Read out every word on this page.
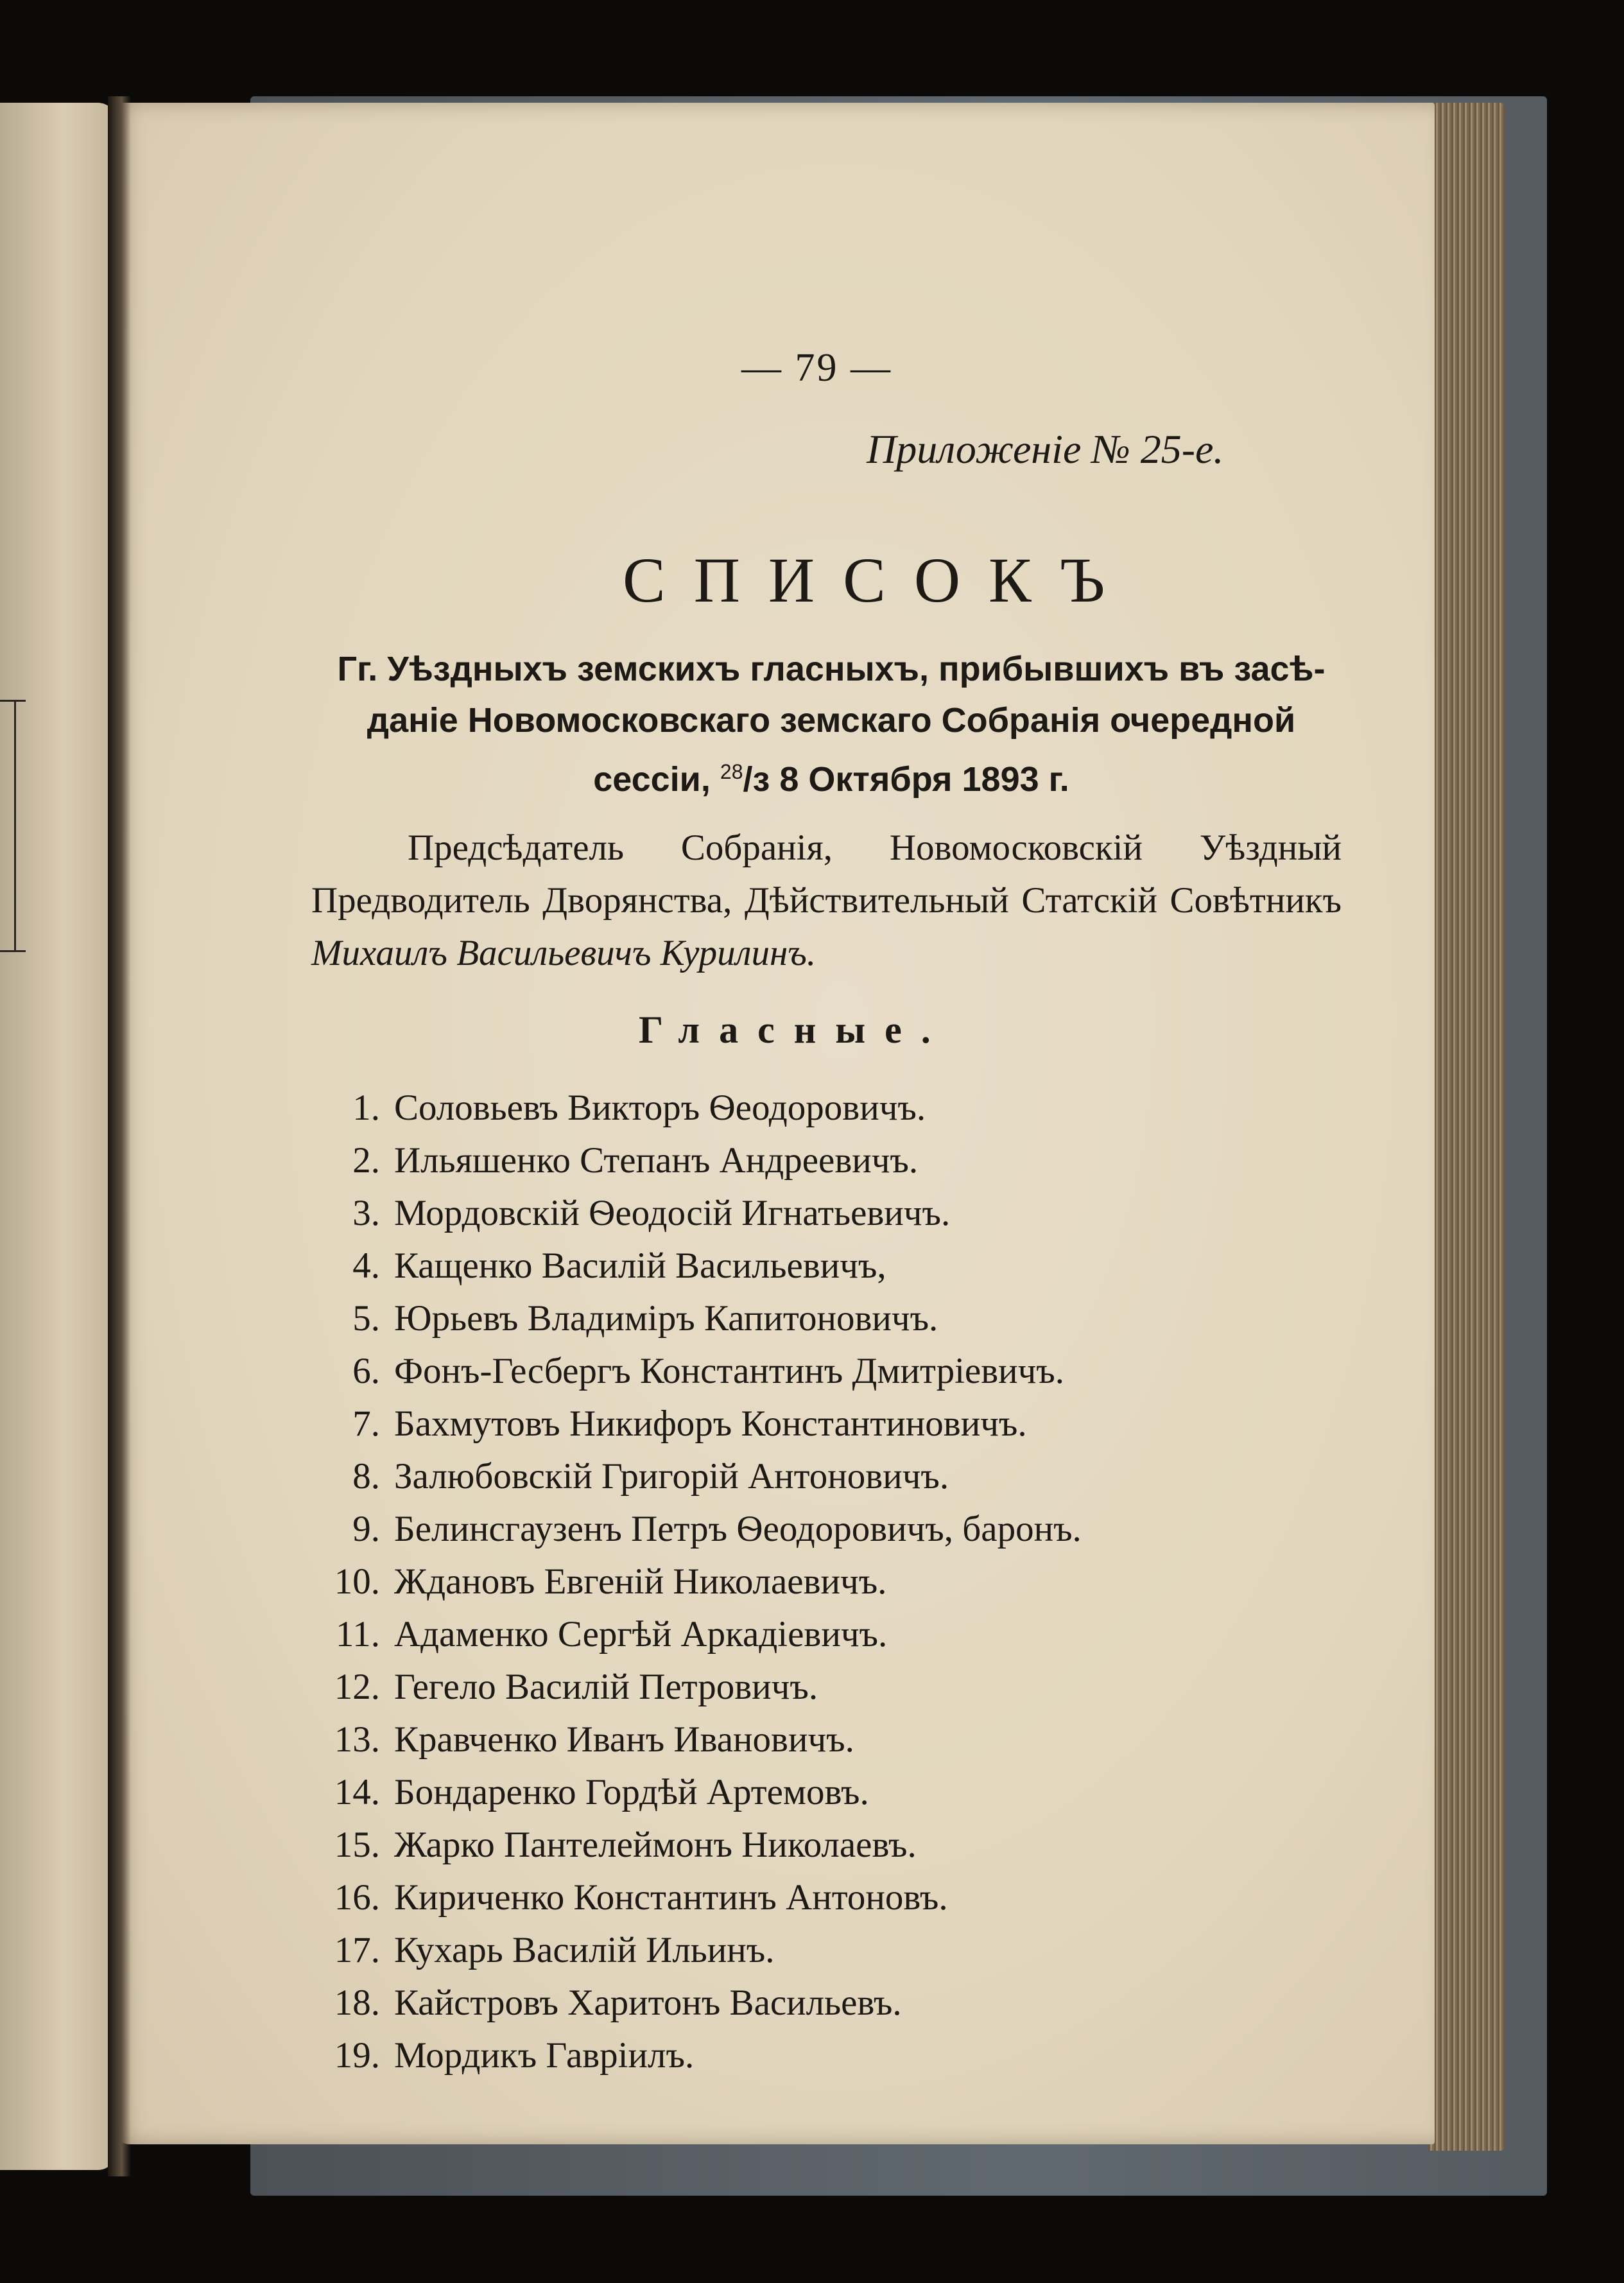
— 79 —
Приложеніе № 25-е.
СПИСОКЪ
Гг. Уѣздныхъ земскихъ гласныхъ, прибывшихъ въ засѣ-
даніе Новомосковскаго земскаго Собранія очередной
сессіи, $^{28}$/з 8 Октября 1893 г.
Предсѣдатель Собранія, Новомосковскій Уѣздный Предводитель Дворянства, Дѣйствительный Статскій Совѣтникъ Михаилъ Васильевичъ Курилинъ.
Гласные.
1. Соловьевъ Викторъ Ѳеодоровичъ.
2. Ильяшенко Степанъ Андреевичъ.
3. Мордовскій Ѳеодосій Игнатьевичъ.
4. Кащенко Василій Васильевичъ,
5. Юрьевъ Владиміръ Капитоновичъ.
6. Фонъ-Гесбергъ Константинъ Дмитріевичъ.
7. Бахмутовъ Никифоръ Константиновичъ.
8. Залюбовскій Григорій Антоновичъ.
9. Белинсгаузенъ Петръ Ѳеодоровичъ, баронъ.
10. Ждановъ Евгеній Николаевичъ.
11. Адаменко Сергѣй Аркадіевичъ.
12. Гегело Василій Петровичъ.
13. Кравченко Иванъ Ивановичъ.
14. Бондаренко Гордѣй Артемовъ.
15. Жарко Пантелеймонъ Николаевъ.
16. Кириченко Константинъ Антоновъ.
17. Кухарь Василій Ильинъ.
18. Кайстровъ Харитонъ Васильевъ.
19. Мордикъ Гавріилъ.
